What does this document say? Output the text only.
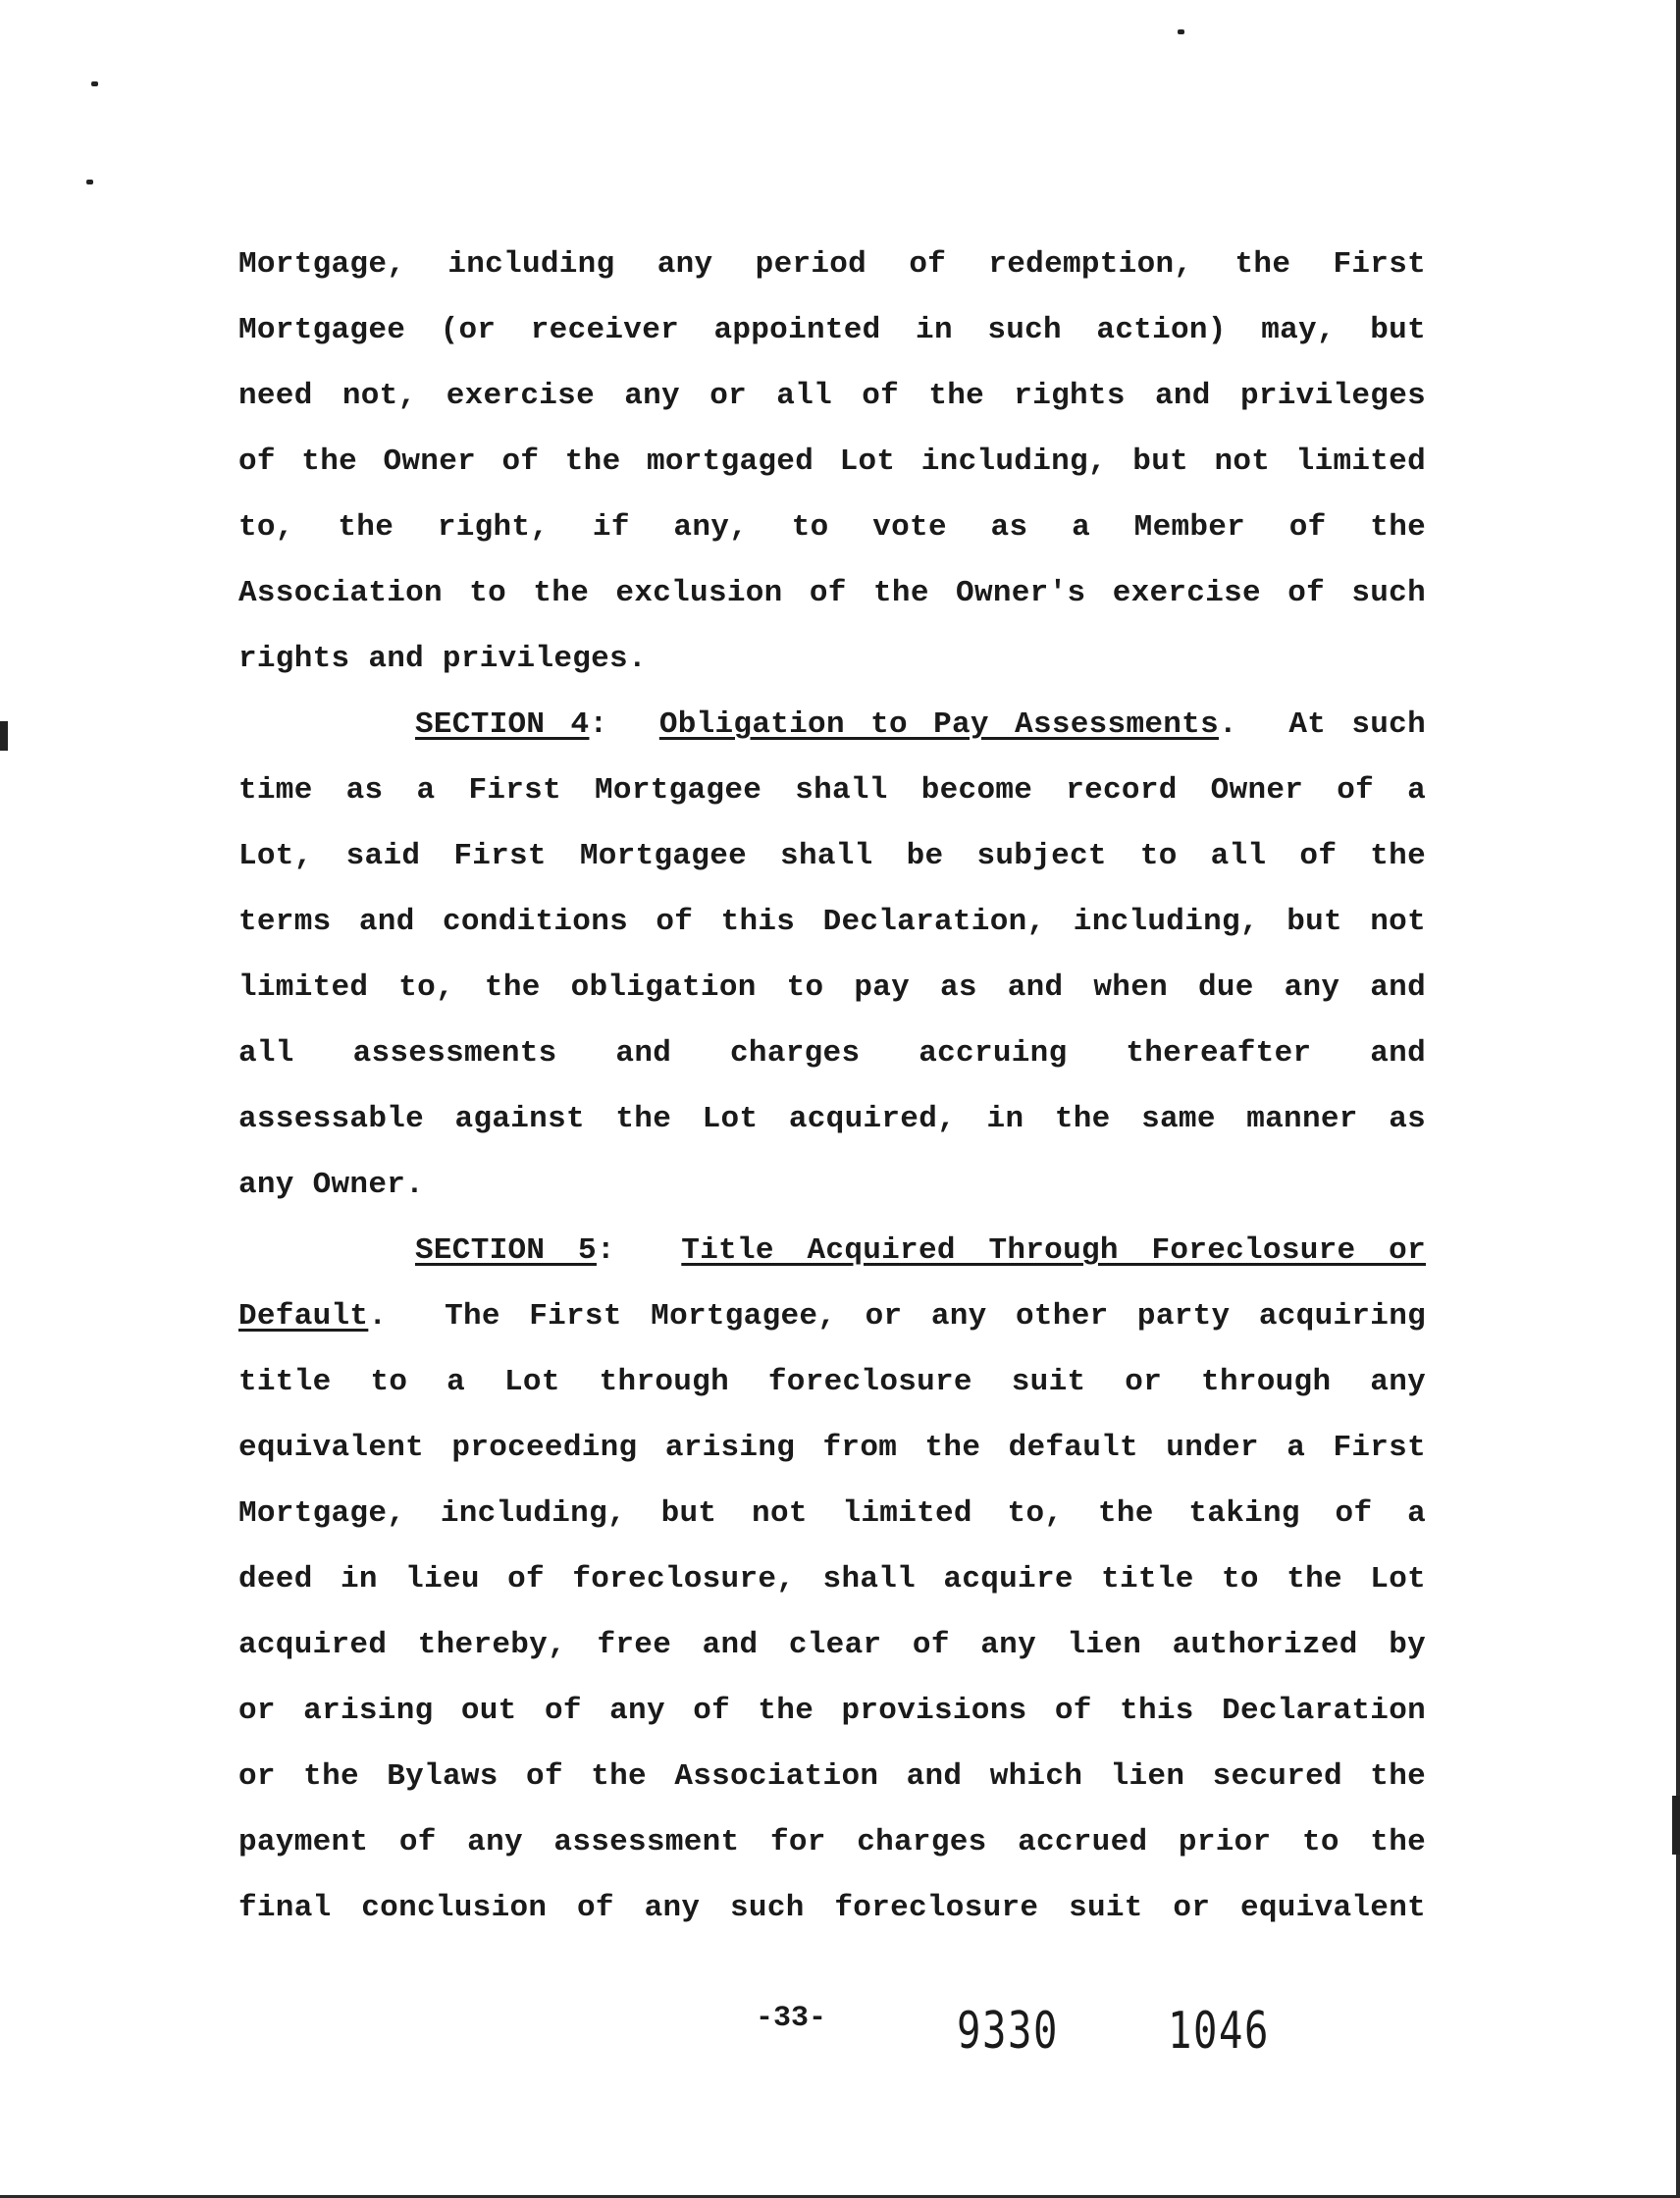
Mortgage, including any period of redemption, the First
Mortgagee (or receiver appointed in such action) may, but
need not, exercise any or all of the rights and privileges
of the Owner of the mortgaged Lot including, but not limited
to, the right, if any, to vote as a Member of the
Association to the exclusion of the Owner's exercise of such
rights and privileges.
SECTION 4:  Obligation to Pay Assessments.  At such
time as a First Mortgagee shall become record Owner of a
Lot, said First Mortgagee shall be subject to all of the
terms and conditions of this Declaration, including, but not
limited to, the obligation to pay as and when due any and
all assessments and charges accruing thereafter and
assessable against the Lot acquired, in the same manner as
any Owner.
SECTION 5:  Title Acquired Through Foreclosure or
Default.  The First Mortgagee, or any other party acquiring
title to a Lot through foreclosure suit or through any
equivalent proceeding arising from the default under a First
Mortgage, including, but not limited to, the taking of a
deed in lieu of foreclosure, shall acquire title to the Lot
acquired thereby, free and clear of any lien authorized by
or arising out of any of the provisions of this Declaration
or the Bylaws of the Association and which lien secured the
payment of any assessment for charges accrued prior to the
final conclusion of any such foreclosure suit or equivalent
-33-	9330 1046
